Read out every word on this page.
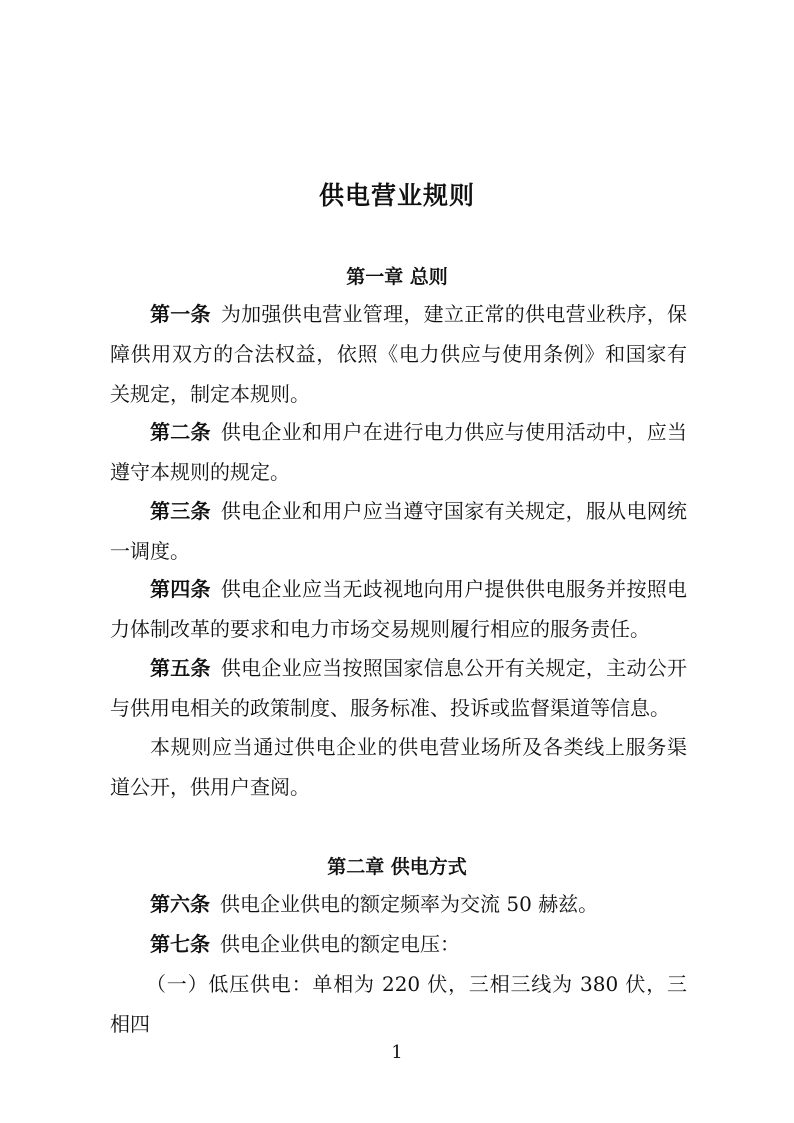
供电营业规则
第一章 总则

第一条 为加强供电营业管理，建立正常的供电营业秩序，保障供用双方的合法权益，依照《电力供应与使用条例》和国家有关规定，制定本规则。

第二条 供电企业和用户在进行电力供应与使用活动中，应当遵守本规则的规定。

第三条 供电企业和用户应当遵守国家有关规定，服从电网统一调度。

第四条 供电企业应当无歧视地向用户提供供电服务并按照电力体制改革的要求和电力市场交易规则履行相应的服务责任。

第五条 供电企业应当按照国家信息公开有关规定，主动公开与供用电相关的政策制度、服务标准、投诉或监督渠道等信息。

本规则应当通过供电企业的供电营业场所及各类线上服务渠道公开，供用户查阅。

第二章 供电方式

第六条 供电企业供电的额定频率为交流 50 赫兹。

第七条 供电企业供电的额定电压：

（一）低压供电：单相为 220 伏，三相三线为 380 伏，三相四

1
